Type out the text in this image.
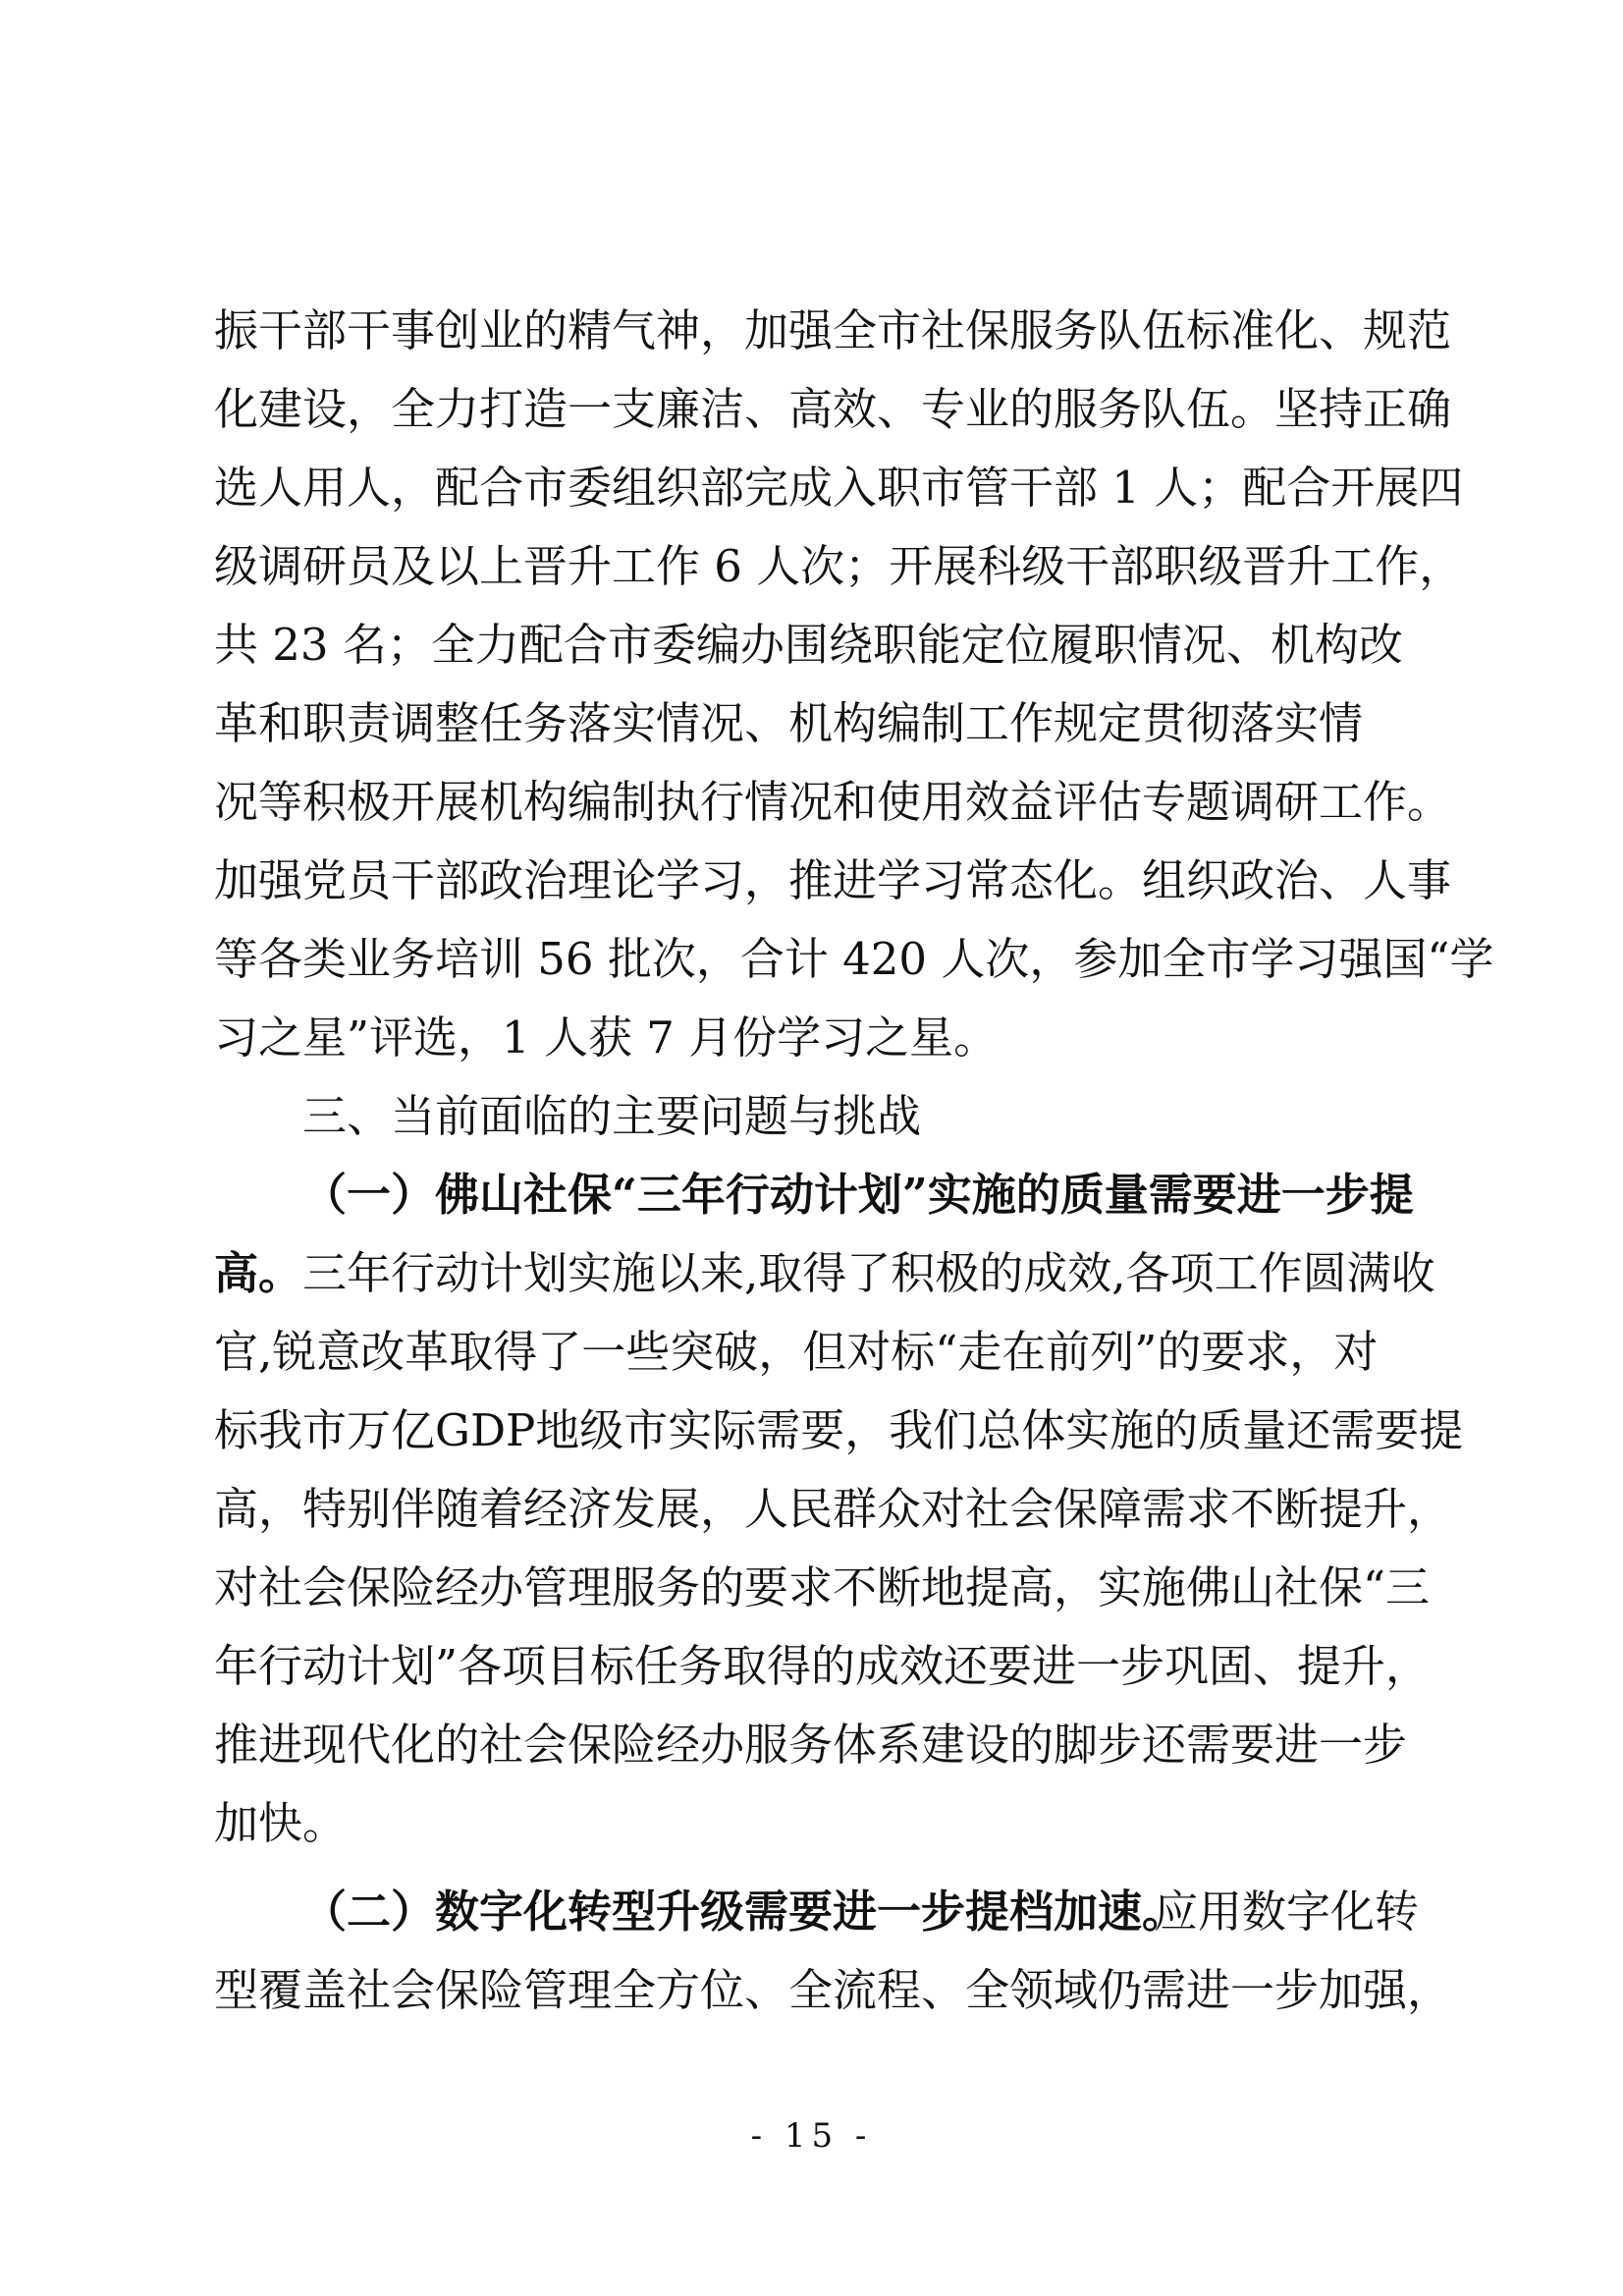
振干部干事创业的精气神，加强全市社保服务队伍标准化、规范
化建设，全力打造一支廉洁、高效、专业的服务队伍。坚持正确
选人用人，配合市委组织部完成入职市管干部 1 人；配合开展四
级调研员及以上晋升工作 6 人次；开展科级干部职级晋升工作，
共 23 名；全力配合市委编办围绕职能定位履职情况、机构改
革和职责调整任务落实情况、机构编制工作规定贯彻落实情
况等积极开展机构编制执行情况和使用效益评估专题调研工作。
加强党员干部政治理论学习，推进学习常态化。组织政治、人事
等各类业务培训 56 批次，合计 420 人次，参加全市学习强国“学
习之星”评选，1 人获 7 月份学习之星。
三、当前面临的主要问题与挑战
（一）佛山社保“三年行动计划”实施的质量需要进一步提
高。 三年行动计划实施以来,取得了积极的成效,各项工作圆满收
官,锐意改革取得了一些突破，但对标“走在前列”的要求，对
标我市万亿GDP地级市实际需要，我们总体实施的质量还需要提
高，特别伴随着经济发展，人民群众对社会保障需求不断提升，
对社会保险经办管理服务的要求不断地提高，实施佛山社保“三
年行动计划”各项目标任务取得的成效还要进一步巩固、提升，
推进现代化的社会保险经办服务体系建设的脚步还需要进一步
加快。
（二）数字化转型升级需要进一步提档加速。
应用数字化转
型覆盖社会保险管理全方位、全流程、全领域仍需进一步加强，
- 15 -
